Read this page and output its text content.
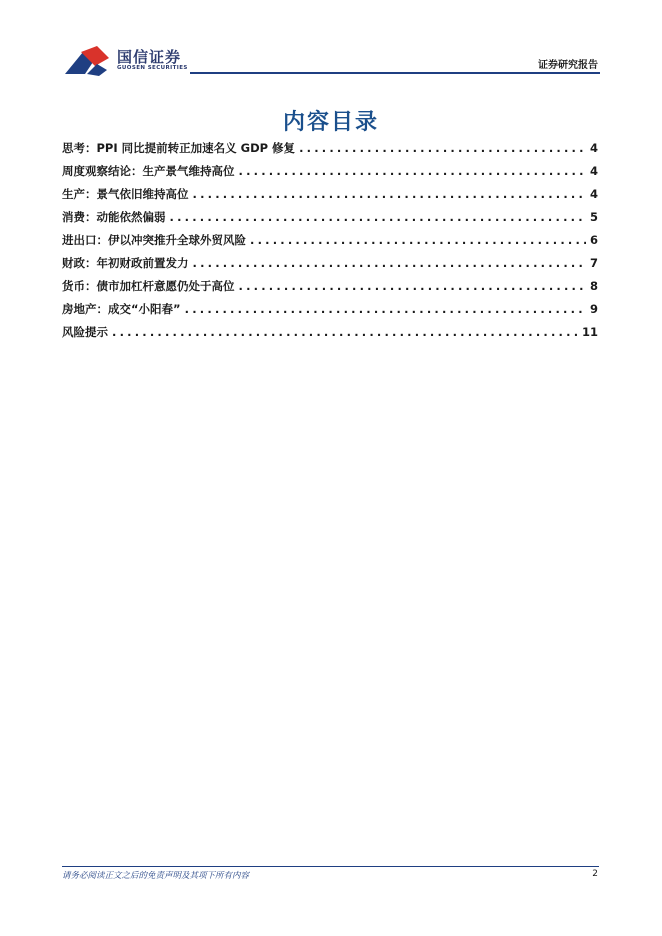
国信证券
GUOSEN SECURITIES	证券研究报告
内容目录
思考：PPI 同比提前转正加速名义 GDP 修复 .....	4
周度观察结论：生产景气维持高位 .....	4
生产：景气依旧维持高位 .....	4
消费：动能依然偏弱 .....	5
进出口：伊以冲突推升全球外贸风险 .....	6
财政：年初财政前置发力 .....	7
货币：债市加杠杆意愿仍处于高位 .....	8
房地产：成交“小阳春” .....	9
风险提示 .....	11
请务必阅读正文之后的免责声明及其项下所有内容	2
